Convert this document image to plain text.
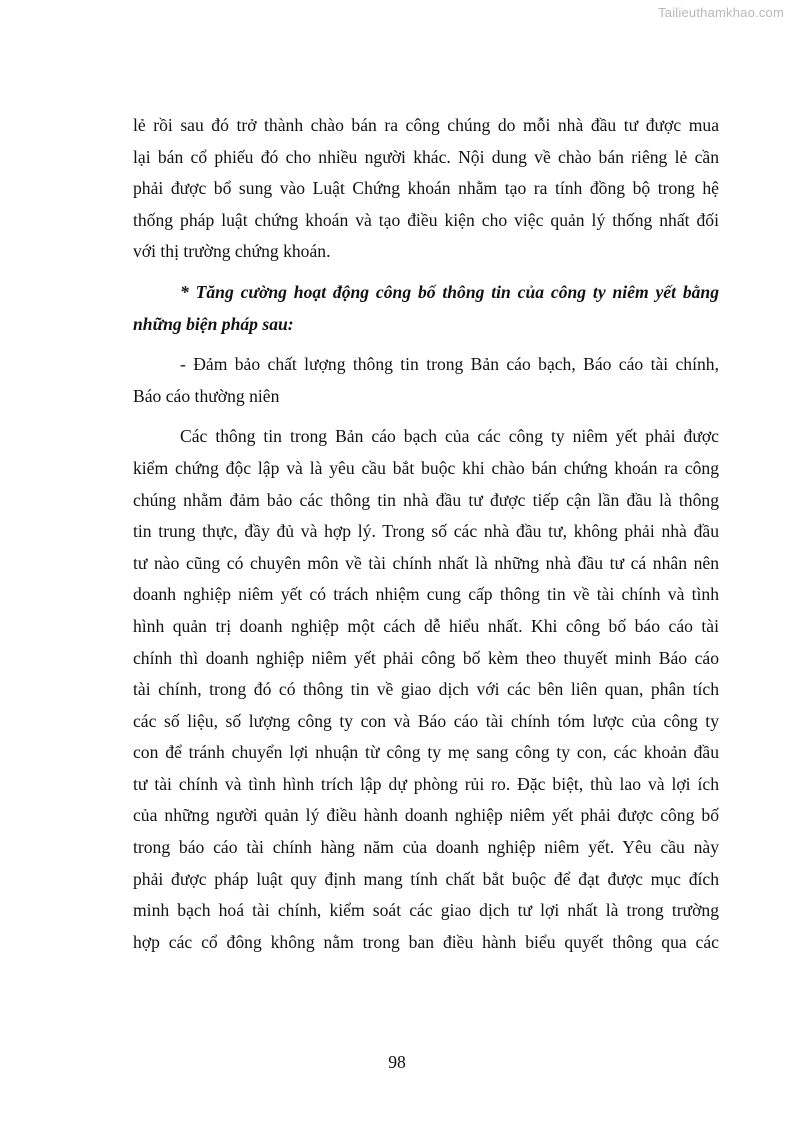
Tailieuthamkhao.com
lẻ rồi sau đó trở thành chào bán ra công chúng do mỗi nhà đầu tư được mua
lại bán cổ phiếu đó cho nhiều người khác. Nội dung về chào bán riêng lẻ cần
phải được bổ sung vào Luật Chứng khoán nhằm tạo ra tính đồng bộ trong hệ
thống pháp luật chứng khoán và tạo điều kiện cho việc quản lý thống nhất đối
với thị trường chứng khoán.
* Tăng cường hoạt động công bố thông tin của công ty niêm yết bằng
những biện pháp sau:
- Đảm bảo chất lượng thông tin trong Bản cáo bạch, Báo cáo tài chính,
Báo cáo thường niên
Các thông tin trong Bản cáo bạch của các công ty niêm yết phải được
kiểm chứng độc lập và là yêu cầu bắt buộc khi chào bán chứng khoán ra công
chúng nhằm đảm bảo các thông tin nhà đầu tư được tiếp cận lần đầu là thông
tin trung thực, đầy đủ và hợp lý. Trong số các nhà đầu tư, không phải nhà đầu
tư nào cũng có chuyên môn về tài chính nhất là những nhà đầu tư cá nhân nên
doanh nghiệp niêm yết có trách nhiệm cung cấp thông tin về tài chính và tình
hình quản trị doanh nghiệp một cách dễ hiểu nhất. Khi công bố báo cáo tài
chính thì doanh nghiệp niêm yết phải công bố kèm theo thuyết minh Báo cáo
tài chính, trong đó có thông tin về giao dịch với các bên liên quan, phân tích
các số liệu, số lượng công ty con và Báo cáo tài chính tóm lược của công ty
con để tránh chuyển lợi nhuận từ công ty mẹ sang công ty con, các khoản đầu
tư tài chính và tình hình trích lập dự phòng rủi ro. Đặc biệt, thù lao và lợi ích
của những người quản lý điều hành doanh nghiệp niêm yết phải được công bố
trong báo cáo tài chính hàng năm của doanh nghiệp niêm yết. Yêu cầu này
phải được pháp luật quy định mang tính chất bắt buộc để đạt được mục đích
minh bạch hoá tài chính, kiểm soát các giao dịch tư lợi nhất là trong trường
hợp các cổ đông không nằm trong ban điều hành biểu quyết thông qua các
98
